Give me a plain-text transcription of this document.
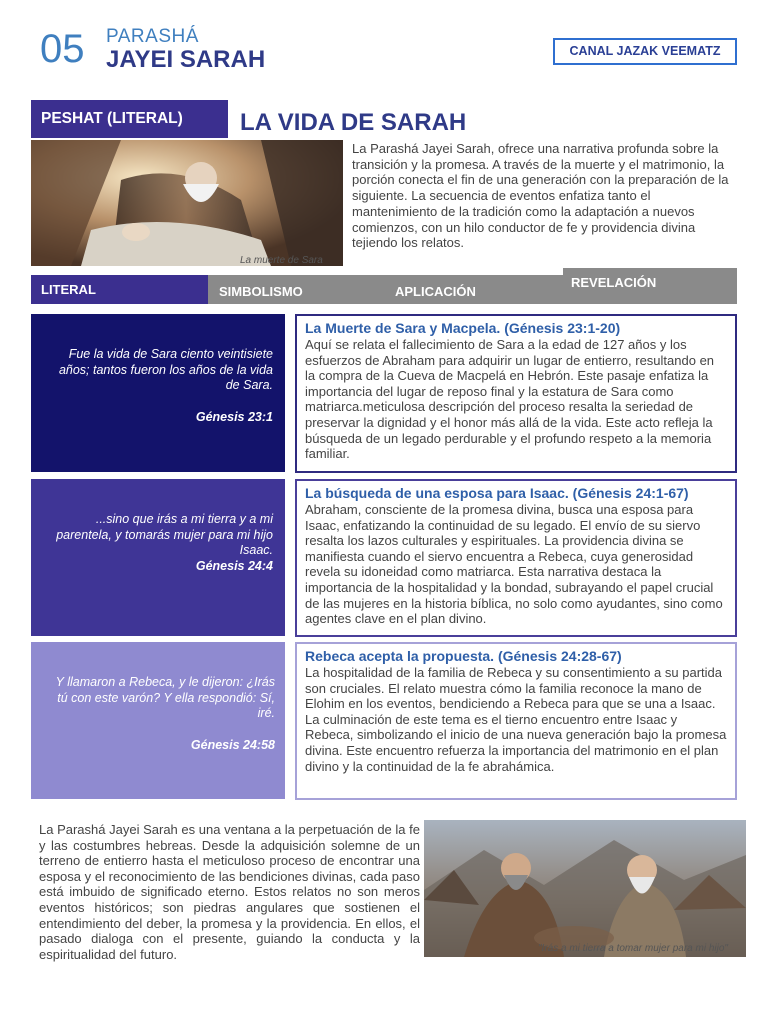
05 PARASHÁ
JAYEI SARAH	CANAL JAZAK VEEMATZ
PESHAT (LITERAL)	LA VIDA DE SARAH
La muerte de Sara
La Parashá Jayei Sarah, ofrece una narrativa profunda sobre la transición y la promesa. A través de la muerte y el matrimonio, la porción conecta el fin de una generación con la preparación de la siguiente. La secuencia de eventos enfatiza tanto el mantenimiento de la tradición como la adaptación a nuevos comienzos, con un hilo conductor de fe y providencia divina tejiendo los relatos.
LITERAL	SIMBOLISMO	APLICACIÓN
REVELACIÓN
Fue la vida de Sara ciento veintisiete años; tantos fueron los años de la vida de Sara.
Génesis 23:1
La Muerte de Sara y Macpela. (Génesis 23:1-20)

Aquí se relata el fallecimiento de Sara a la edad de 127 años y los esfuerzos de Abraham para adquirir un lugar de entierro, resultando en la compra de la Cueva de Macpelá en Hebrón. Este pasaje enfatiza la importancia del lugar de reposo final y la estatura de Sara como matriarca.meticulosa descripción del proceso resalta la seriedad de preservar la dignidad y el honor más allá de la vida. Este acto refleja la búsqueda de un legado perdurable y el profundo respeto a la memoria familiar.

...sino que irás a mi tierra y a mi parentela, y tomarás mujer para mi hijo Isaac.
Génesis 24:4
La búsqueda de una esposa para Isaac. (Génesis 24:1-67)

Abraham, consciente de la promesa divina, busca una esposa para Isaac, enfatizando la continuidad de su legado. El envío de su siervo resalta los lazos culturales y espirituales. La providencia divina se manifiesta cuando el siervo encuentra a Rebeca, cuya generosidad revela su idoneidad como matriarca. Esta narrativa destaca la importancia de la hospitalidad y la bondad, subrayando el papel crucial de las mujeres en la historia bíblica, no solo como ayudantes, sino como agentes clave en el plan divino.

Y llamaron a Rebeca, y le dijeron: ¿Irás tú con este varón? Y ella respondió: Sí, iré.
Génesis 24:58
Rebeca acepta la propuesta. (Génesis 24:28-67)

La hospitalidad de la familia de Rebeca y su consentimiento a su partida son cruciales. El relato muestra cómo la familia reconoce la mano de Elohim en los eventos, bendiciendo a Rebeca para que se una a Isaac. La culminación de este tema es el tierno encuentro entre Isaac y Rebeca, simbolizando el inicio de una nueva generación bajo la promesa divina. Este encuentro refuerza la importancia del matrimonio en el plan divino y la continuidad de la fe abrahámica.

La Parashá Jayei Sarah es una ventana a la perpetuación de la fe y las costumbres hebreas. Desde la adquisición solemne de un terreno de entierro hasta el meticuloso proceso de encontrar una esposa y el reconocimiento de las bendiciones divinas, cada paso está imbuido de significado eterno. Estos relatos no son meros eventos históricos; son piedras angulares que sostienen el entendimiento del deber, la promesa y la providencia. En ellos, el pasado dialoga con el presente, guiando la conducta y la espiritualidad del futuro.	"Irás a mi tierra a tomar mujer para mi hijo"
